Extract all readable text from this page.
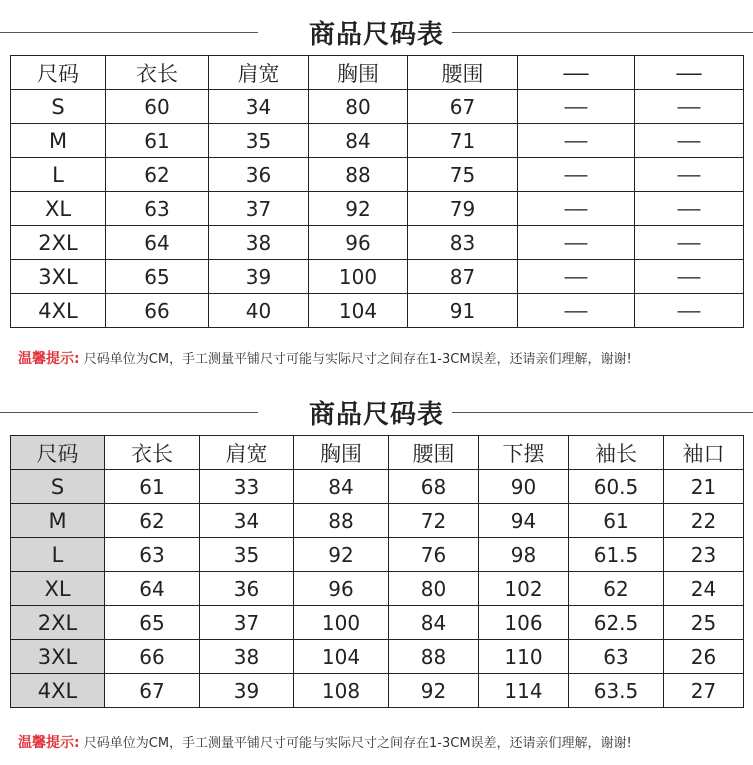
商品尺码表
尺码	衣长	肩宽	胸围	腰围	——	——
S	60	34	80	67	——	——
M	61	35	84	71	——	——
L	62	36	88	75	——	——
XL	63	37	92	79	——	——
2XL	64	38	96	83	——	——
3XL	65	39	100	87	——	——
4XL	66	40	104	91	——	——
温馨提示: 尺码单位为CM，手工测量平铺尺寸可能与实际尺寸之间存在1-3CM误差，还请亲们理解，谢谢!
商品尺码表
尺码	衣长	肩宽	胸围	腰围	下摆	袖长	袖口
S	61	33	84	68	90	60.5	21
M	62	34	88	72	94	61	22
L	63	35	92	76	98	61.5	23
XL	64	36	96	80	102	62	24
2XL	65	37	100	84	106	62.5	25
3XL	66	38	104	88	110	63	26
4XL	67	39	108	92	114	63.5	27
温馨提示: 尺码单位为CM，手工测量平铺尺寸可能与实际尺寸之间存在1-3CM误差，还请亲们理解，谢谢!
